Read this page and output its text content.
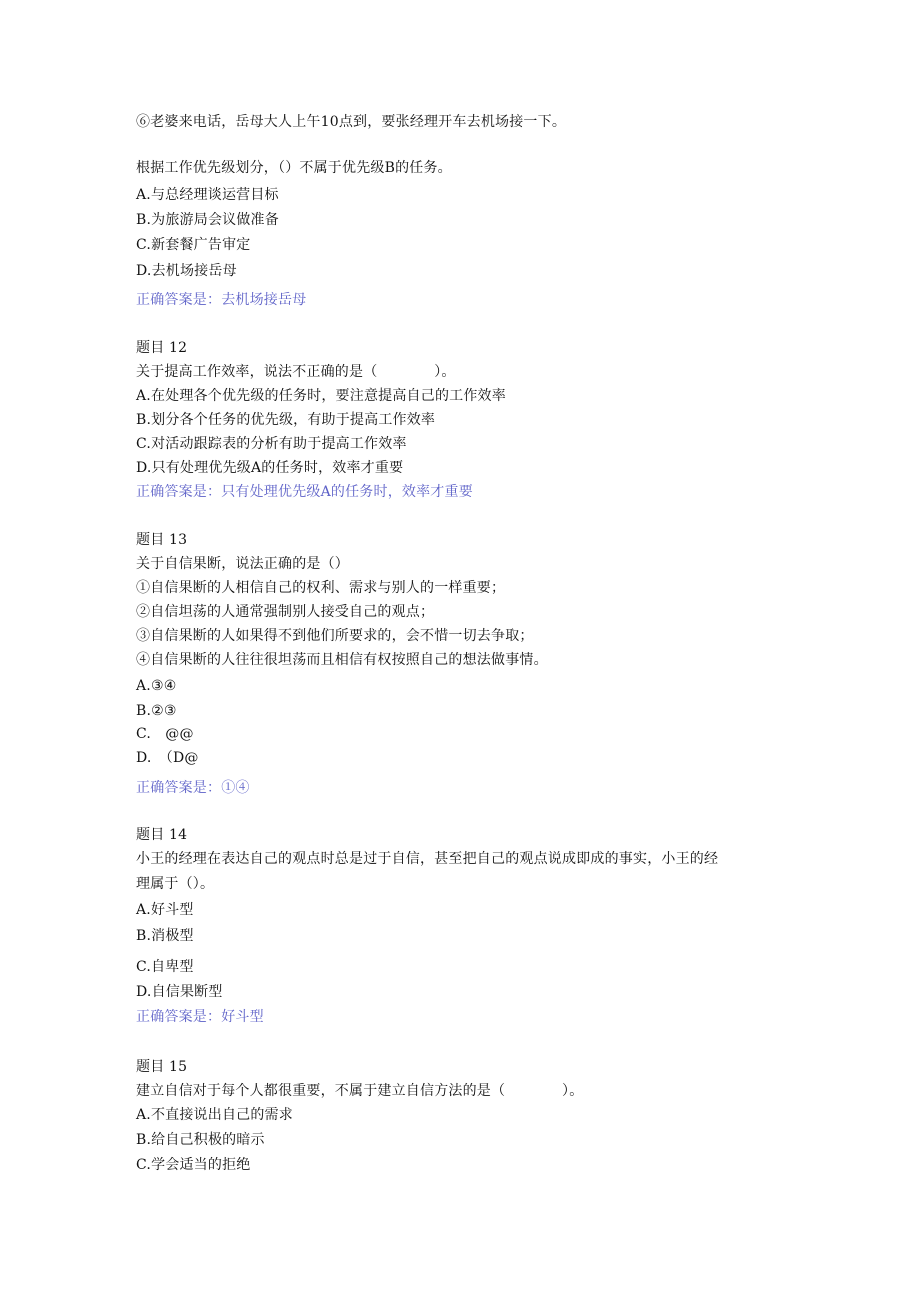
⑥老婆来电话，岳母大人上午10点到，要张经理开车去机场接一下。
根据工作优先级划分，（）不属于优先级B的任务。
A.与总经理谈运营目标
B.为旅游局会议做准备
C.新套餐广告审定
D.去机场接岳母
正确答案是：去机场接岳母
题目 12
关于提高工作效率，说法不正确的是（　　　　）。
A.在处理各个优先级的任务时，要注意提高自己的工作效率
B.划分各个任务的优先级，有助于提高工作效率
C.对活动跟踪表的分析有助于提高工作效率
D.只有处理优先级A的任务时，效率才重要
正确答案是：只有处理优先级A的任务时，效率才重要
题目 13
关于自信果断，说法正确的是（）
①自信果断的人相信自己的权利、需求与别人的一样重要；
②自信坦荡的人通常强制别人接受自己的观点；
③自信果断的人如果得不到他们所要求的，会不惜一切去争取；
④自信果断的人往往很坦荡而且相信有权按照自己的想法做事情。
A.③④
B.②③
C.　@@
D.　（D@
正确答案是：①④
题目 14
小王的经理在表达自己的观点时总是过于自信，甚至把自己的观点说成即成的事实，小王的经
理属于（）。
A.好斗型
B.消极型
C.自卑型
D.自信果断型
正确答案是：好斗型
题目 15
建立自信对于每个人都很重要，不属于建立自信方法的是（　　　　）。
A.不直接说出自己的需求
B.给自己积极的暗示
C.学会适当的拒绝
